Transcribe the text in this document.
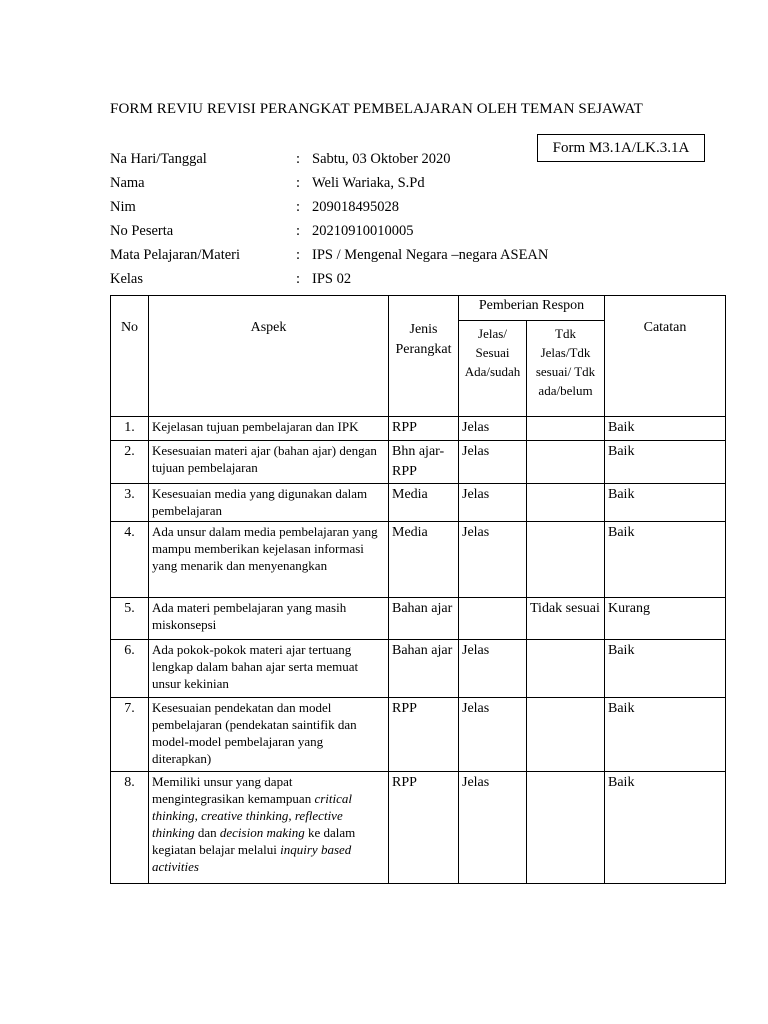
FORM REVIU REVISI PERANGKAT PEMBELAJARAN OLEH TEMAN SEJAWAT
Form M3.1A/LK.3.1A
Na Hari/Tanggal	: Sabtu, 03 Oktober 2020
Nama	: Weli Wariaka, S.Pd
Nim	: 209018495028
No Peserta	: 20210910010005
Mata Pelajaran/Materi	: IPS / Mengenal Negara –negara ASEAN
Kelas	: IPS 02
No	Aspek	Jenis Perangkat	Pemberian Respon		Catatan
			Jelas/ Sesuai Ada/sudah	Tdk Jelas/Tdk sesuai/ Tdk ada/belum	
1.	Kejelasan tujuan pembelajaran dan IPK	RPP	Jelas		Baik
2.	Kesesuaian materi ajar (bahan ajar) dengan tujuan pembelajaran	Bhn ajar-RPP	Jelas		Baik
3.	Kesesuaian media yang digunakan dalam pembelajaran	Media	Jelas		Baik
4.	Ada unsur dalam media pembelajaran yang mampu memberikan kejelasan informasi yang menarik dan menyenangkan	Media	Jelas		Baik
5.	Ada materi pembelajaran yang masih miskonsepsi	Bahan ajar		Tidak sesuai	Kurang
6.	Ada pokok-pokok materi ajar tertuang lengkap dalam bahan ajar serta memuat unsur kekinian	Bahan ajar	Jelas		Baik
7.	Kesesuaian pendekatan dan model pembelajaran (pendekatan saintifik dan model-model pembelajaran yang diterapkan)	RPP	Jelas		Baik
8.	Memiliki unsur yang dapat mengintegrasikan kemampuan critical thinking, creative thinking, reflective thinking dan decision making ke dalam kegiatan belajar melalui inquiry based activities	RPP	Jelas		Baik
